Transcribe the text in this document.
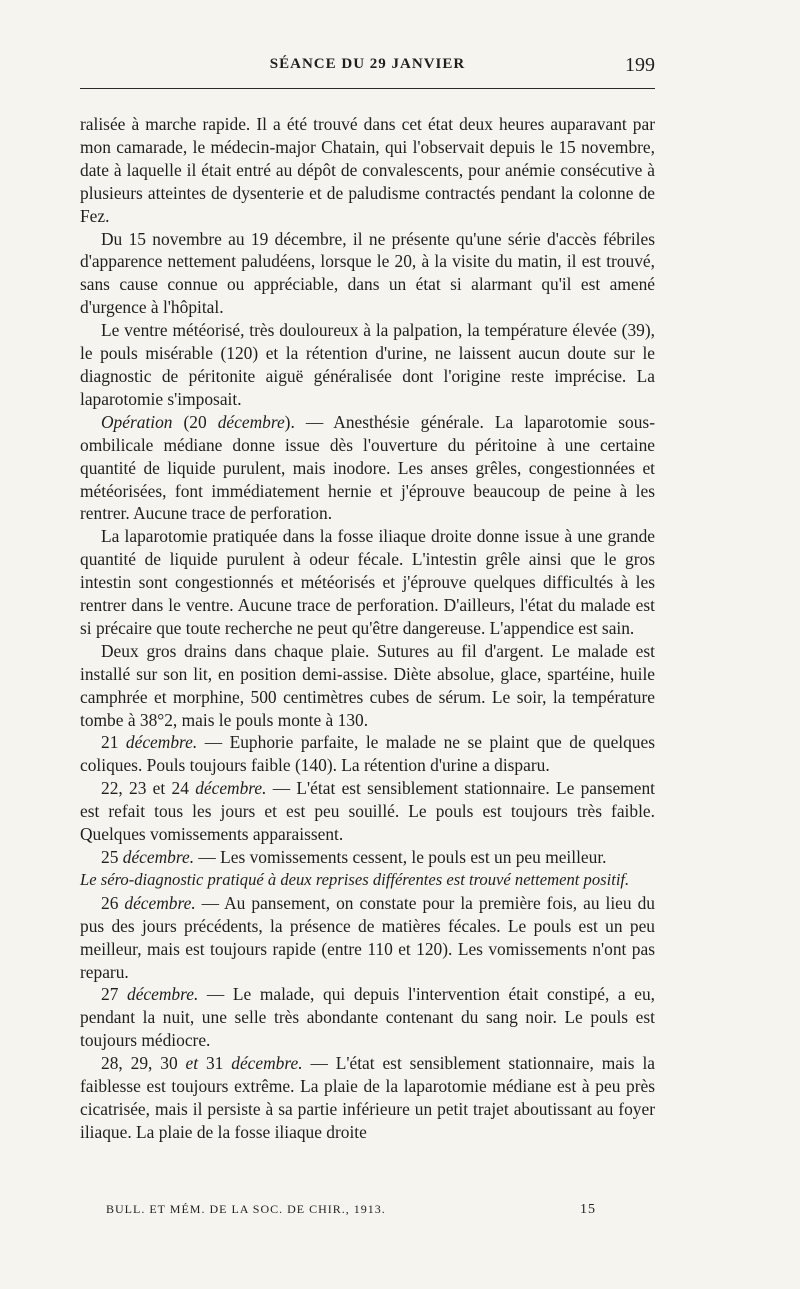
SÉANCE DU 29 JANVIER	199

ralisée à marche rapide. Il a été trouvé dans cet état deux heures auparavant par mon camarade, le médecin-major Chatain, qui l'observait depuis le 15 novembre, date à laquelle il était entré au dépôt de convalescents, pour anémie consécutive à plusieurs atteintes de dysenterie et de paludisme contractés pendant la colonne de Fez.

Du 15 novembre au 19 décembre, il ne présente qu'une série d'accès fébriles d'apparence nettement paludéens, lorsque le 20, à la visite du matin, il est trouvé, sans cause connue ou appréciable, dans un état si alarmant qu'il est amené d'urgence à l'hôpital.

Le ventre météorisé, très douloureux à la palpation, la température élevée (39), le pouls misérable (120) et la rétention d'urine, ne laissent aucun doute sur le diagnostic de péritonite aiguë généralisée dont l'origine reste imprécise. La laparotomie s'imposait.

Opération (20 décembre). — Anesthésie générale. La laparotomie sous-ombilicale médiane donne issue dès l'ouverture du péritoine à une certaine quantité de liquide purulent, mais inodore. Les anses grêles, congestionnées et météorisées, font immédiatement hernie et j'éprouve beaucoup de peine à les rentrer. Aucune trace de perforation.

La laparotomie pratiquée dans la fosse iliaque droite donne issue à une grande quantité de liquide purulent à odeur fécale. L'intestin grêle ainsi que le gros intestin sont congestionnés et météorisés et j'éprouve quelques difficultés à les rentrer dans le ventre. Aucune trace de perforation. D'ailleurs, l'état du malade est si précaire que toute recherche ne peut qu'être dangereuse. L'appendice est sain.

Deux gros drains dans chaque plaie. Sutures au fil d'argent. Le malade est installé sur son lit, en position demi-assise. Diète absolue, glace, spartéine, huile camphrée et morphine, 500 centimètres cubes de sérum. Le soir, la température tombe à 38°2, mais le pouls monte à 130.

21 décembre. — Euphorie parfaite, le malade ne se plaint que de quelques coliques. Pouls toujours faible (140). La rétention d'urine a disparu.

22, 23 et 24 décembre. — L'état est sensiblement stationnaire. Le pansement est refait tous les jours et est peu souillé. Le pouls est toujours très faible. Quelques vomissements apparaissent.

25 décembre. — Les vomissements cessent, le pouls est un peu meilleur.

Le séro-diagnostic pratiqué à deux reprises différentes est trouvé nettement positif.

26 décembre. — Au pansement, on constate pour la première fois, au lieu du pus des jours précédents, la présence de matières fécales. Le pouls est un peu meilleur, mais est toujours rapide (entre 110 et 120). Les vomissements n'ont pas reparu.

27 décembre. — Le malade, qui depuis l'intervention était constipé, a eu, pendant la nuit, une selle très abondante contenant du sang noir. Le pouls est toujours médiocre.

28, 29, 30 et 31 décembre. — L'état est sensiblement stationnaire, mais la faiblesse est toujours extrême. La plaie de la laparotomie médiane est à peu près cicatrisée, mais il persiste à sa partie inférieure un petit trajet aboutissant au foyer iliaque. La plaie de la fosse iliaque droite

BULL. ET MÉM. DE LA SOC. DE CHIR., 1913.	15
